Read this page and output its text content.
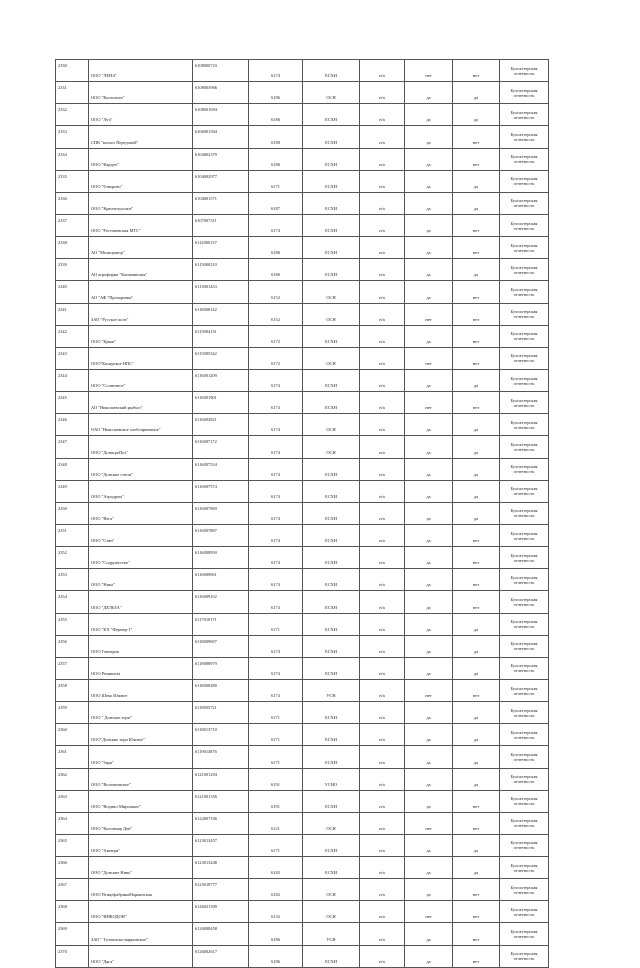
2330	ООО "ЛЕНА"	6108000723	6174	ЕСХН	н/а	нет	нет	Бухгалтерская
отчетность

2331	ООО "Колхозное"	6108003966	6186	ОСН	н/а	да	да	Бухгалтерская
отчетность

2332	ООО "Луч"	6108001694	6186	ЕСХН	н/а	да	да	Бухгалтерская
отчетность

2333	СПК "колхоз Передовой"	6106001304	6180	ЕСХН	н/а	да	нет	Бухгалтерская
отчетность

2334	ООО "Карден"	6104002379	6186	ЕСХН	н/а	да	нет	Бухгалтерская
отчетность

2335	ООО "Говорово"	6104002977	6171	ЕСХН	н/а	да	да	Бухгалтерская
отчетность

2336	ООО "Краснолучское"	6104001571	6187	ЕСХН	н/а	да	да	Бухгалтерская
отчетность

2337	ООО "Ростовенская МТС"	6107007311	6174	ЕСХН	н/а	да	нет	Бухгалтерская
отчетность

2338	АО "Мелиоратор"	6112000137	6186	ЕСХН	н/а	да	нет	Бухгалтерская
отчетность

2339	АО агрофирма "Катаминская"	6113000210	6186	ЕСХН	н/а	да	да	Бухгалтерская
отчетность

2340	АО "АФ "Прохоровка"	6113001433	6152	ОСН	н/а	да	нет	Бухгалтерская
отчетность

2341	ЗАО "Русское поле"	6118008142	6152	ОСН	н/а	нет	нет	Бухгалтерская
отчетность

2342	ООО "Крым"	6115004131	6172	ЕСХН	н/а	да	нет	Бухгалтерская
отчетность

2343	ООО"Копарское НПС"	6115005342	6172	ОСН	н/а	нет	нет	Бухгалтерская
отчетность

2344	ООО "Солнечное"	6116001209	6174	ЕСХН	н/а	да	да	Бухгалтерская
отчетность

2345	АО "Николаевский рыбхоз"	6116001901	6174	ЕСХН	н/а	нет	нет	Бухгалтерская
отчетность

2346	ОАО "Николаевское хлебоприемное"	6116003821	6174	ОСН	н/а	да	да	Бухгалтерская
отчетность

2347	ООО "ДонагроПот"	6116007172	6174	ОСН	н/а	да	да	Бухгалтерская
отчетность

2348	ООО "Донские степи"	6116007534	6174	ЕСХН	н/а	да	да	Бухгалтерская
отчетность

2349	ООО "Агродром"	6116007574	6174	ЕСХН	н/а	да	да	Бухгалтерская
отчетность

2350	ООО "Вега"	6116007969	6174	ЕСХН	н/а	да	да	Бухгалтерская
отчетность

2351	ООО "Стан"	6116007887	6174	ЕСХН	н/а	да	нет	Бухгалтерская
отчетность

2352	ООО "Содружество"	6116008950	6174	ЕСХН	н/а	да	нет	Бухгалтерская
отчетность

2353	ООО "Ника"	6116009061	6174	ЕСХН	н/а	да	нет	Бухгалтерская
отчетность

2354	ООО "ДЕЛЬТА"	6116009102	6174	ЕСХН	н/а	да	нет	Бухгалтерская
отчетность

2355	ООО "КХ "Фермер-1"	6117010171	6171	ЕСХН	н/а	да	да	Бухгалтерская
отчетность

2356	ООО Гончаров	6118009697	6174	ЕСХН	н/а	да	да	Бухгалтерская
отчетность

2357	ООО Ремишеза	6118008979	6174	ЕСХН	н/а	да	да	Бухгалтерская
отчетность

2358	ООО Шеко Южное	6118008288	6174	УСН	н/а	нет	нет	Бухгалтерская
отчетность

2359	ООО " Донские зори"	6118005721	6171	ЕСХН	н/а	да	да	Бухгалтерская
отчетность

2360	ООО"Донские зори Южное"	6118013710	6171	ЕСХН	н/а	да	да	Бухгалтерская
отчетность

2361	ООО "Заря"	6119014876	6171	ЕСХН	н/а	да	да	Бухгалтерская
отчетность

2362	ООО "Волошинское"	6121001294	6191	УСНО	н/а	да	да	Бухгалтерская
отчетность

2363	ООО "Водино-Мирошкое"	6121001356	6191	ЕСХН	н/а	да	нет	Бухгалтерская
отчетность

2364	ООО "Колонмар Дон"	6122007106	6121	ОСН	н/а	нет	нет	Бухгалтерская
отчетность

2365	ООО "Амитри"	6123013457	6171	ЕСХН	н/а	да	да	Бухгалтерская
отчетность

2366	ООО "Донские Нива"	6123013448	6182	ЕСХН	н/а	да	да	Бухгалтерская
отчетность

2367	ООО ПтицефабрикаМарьинская	6125018777	6182	ОСН	н/а	да	нет	Бухгалтерская
отчетность

2368	ООО "ИНКОДОН"	6126021309	6132	ОСН	н/а	нет	нет	Бухгалтерская
отчетность

2369	ЗАО " Тулчинско-марьинское"	6126008458	6186	УСН	н/а	да	нет	Бухгалтерская
отчетность

2370	ООО "Дяга"	6126002617	6186	ЕСХН	н/а	да	нет	Бухгалтерская
отчетность
